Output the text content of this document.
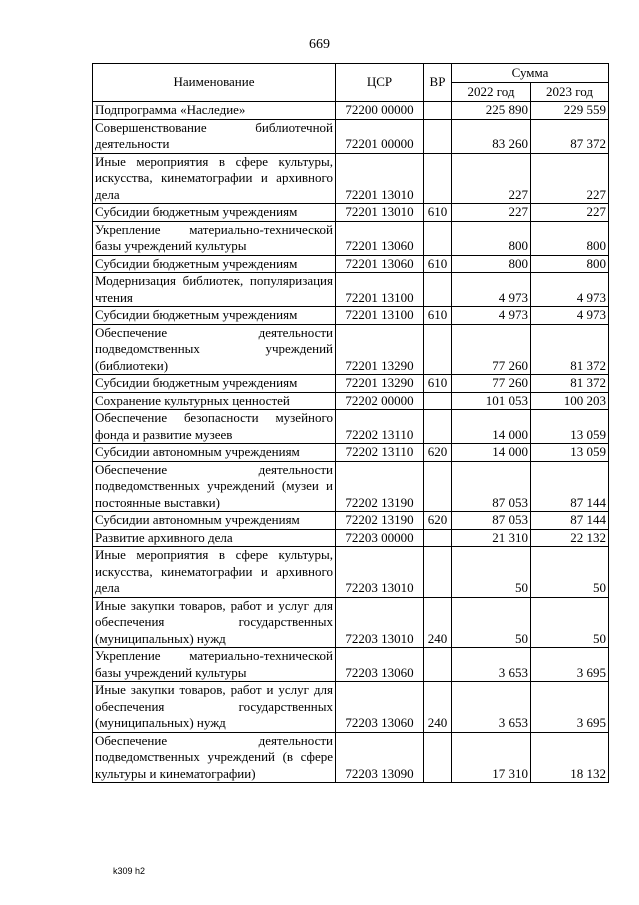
669
Наименование	ЦСР	ВР	Сумма	
			2022 год	2023 год
Подпрограмма «Наследие»	72200 00000		225 890	229 559
Совершенствование библиотечной деятельности	72201 00000		83 260	87 372
Иные мероприятия в сфере культуры, искусства, кинематографии и архивного дела	72201 13010		227	227
Субсидии бюджетным учреждениям	72201 13010	610	227	227
Укрепление материально-технической базы учреждений культуры	72201 13060		800	800
Субсидии бюджетным учреждениям	72201 13060	610	800	800
Модернизация библиотек, популяризация чтения	72201 13100		4 973	4 973
Субсидии бюджетным учреждениям	72201 13100	610	4 973	4 973
Обеспечение деятельности подведомственных учреждений (библиотеки)	72201 13290		77 260	81 372
Субсидии бюджетным учреждениям	72201 13290	610	77 260	81 372
Сохранение культурных ценностей	72202 00000		101 053	100 203
Обеспечение безопасности музейного фонда и развитие музеев	72202 13110		14 000	13 059
Субсидии автономным учреждениям	72202 13110	620	14 000	13 059
Обеспечение деятельности подведомственных учреждений (музеи и постоянные выставки)	72202 13190		87 053	87 144
Субсидии автономным учреждениям	72202 13190	620	87 053	87 144
Развитие архивного дела	72203 00000		21 310	22 132
Иные мероприятия в сфере культуры, искусства, кинематографии и архивного дела	72203 13010		50	50
Иные закупки товаров, работ и услуг для обеспечения государственных (муниципальных) нужд	72203 13010	240	50	50
Укрепление материально-технической базы учреждений культуры	72203 13060		3 653	3 695
Иные закупки товаров, работ и услуг для обеспечения государственных (муниципальных) нужд	72203 13060	240	3 653	3 695
Обеспечение деятельности подведомственных учреждений (в сфере культуры и кинематографии)	72203 13090		17 310	18 132
k309 h2
